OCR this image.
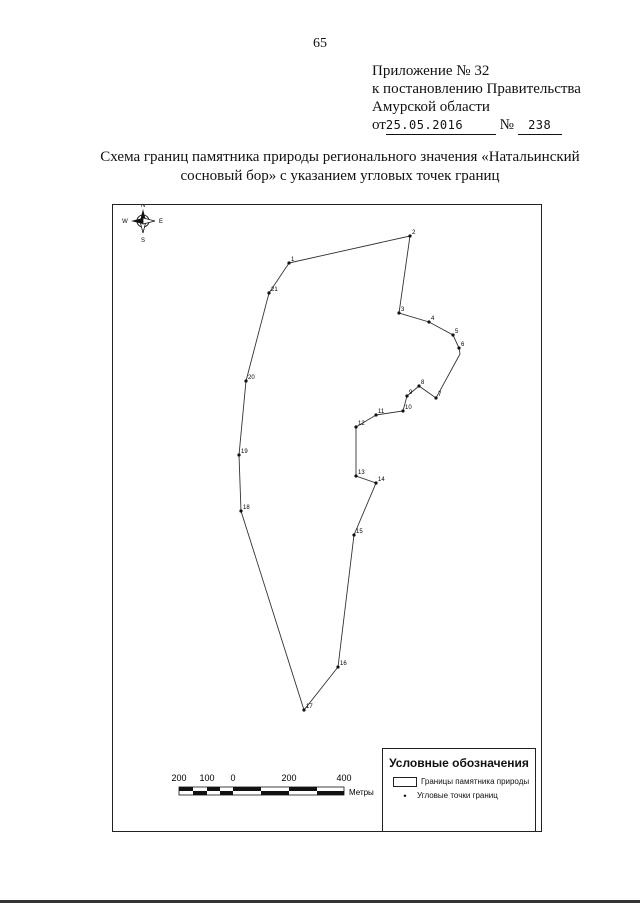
65
Приложение № 32
к постановлению Правительства
Амурской области
от25.05.2016 № 238
Схема границ памятника природы регионального значения «Натальинский
сосновый бор» с указанием угловых точек границ
N
S
E
W
1
2
3
4
5
6
7
8
9
10
11
12
13
14
15
16
17
18
19
20
21
200 100 0	200	400
Метры
Условные обозначения
Границы памятника природы
• Угловые точки границ
